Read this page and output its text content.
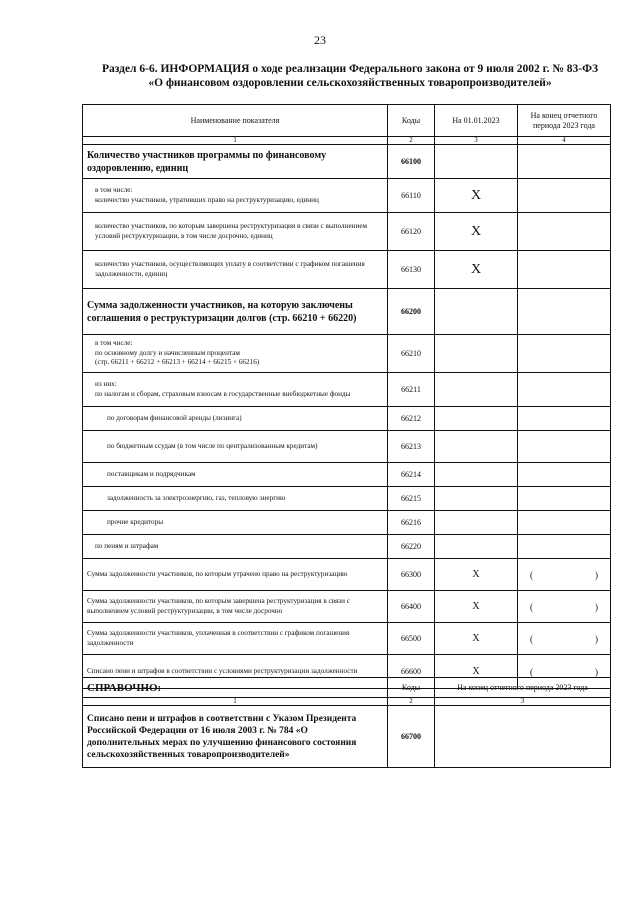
23
Раздел 6-6. ИНФОРМАЦИЯ о ходе реализации Федерального закона от 9 июля 2002 г. № 83-ФЗ
«О финансовом оздоровлении сельскохозяйственных товаропроизводителей»
Наименование показателя	Коды	На 01.01.2023	На конец отчетного периода 2023 года
1	2	3	4
Количество участников программы по финансовому оздоровлению, единиц	66100		

в том числе:
количество участников, утративших право на реструктуризацию, единиц	66110	X	
количество участников, по которым завершена реструктуризация в связи с выполнением условий реструктуризации, в том числе досрочно, единиц	66120	X	
количество участников, осуществляющих уплату в соответствии с графиком погашения задолженности, единиц	66130	X	
Сумма задолженности участников, на которую заключены соглашения о реструктуризации долгов (стр. 66210 + 66220)	66200		

в том числе:
по основному долгу и начисленным процентам
(стр. 66211 + 66212 + 66213 + 66214 + 66215 + 66216)	66210		

из них:
по налогам и сборам, страховым взносам в государственные внебюджетные фонды	66211		
по договорам финансовой аренды (лизинга)	66212		
по бюджетным ссудам (в том числе по централизованным кредитам)	66213		
поставщикам и подрядчикам	66214		
задолженность за электроэнергию, газ, тепловую энергию	66215		
прочие кредиторы	66216		
по пеням и штрафам	66220		
Сумма задолженности участников, по которым утрачено право на реструктуризацию	66300	X	( )
Сумма задолженности участников, по которым завершена реструктуризация в связи с выполнением условий реструктуризации, в том числе досрочно	66400	X	( )
Сумма задолженности участников, уплаченная в соответствии с графиком погашения задолженности	66500	X	( )
Списано пени и штрафов в соответствии с условиями реструктуризации задолженности	66600	X	( )
СПРАВОЧНО:	Коды	На конец отчетного периода 2023 года
1	2	3
Списано пени и штрафов в соответствии с Указом Президента Российской Федерации от 16 июля 2003 г. № 784 «О дополнительных мерах по улучшению финансового состояния сельскохозяйственных товаропроизводителей»	66700	
